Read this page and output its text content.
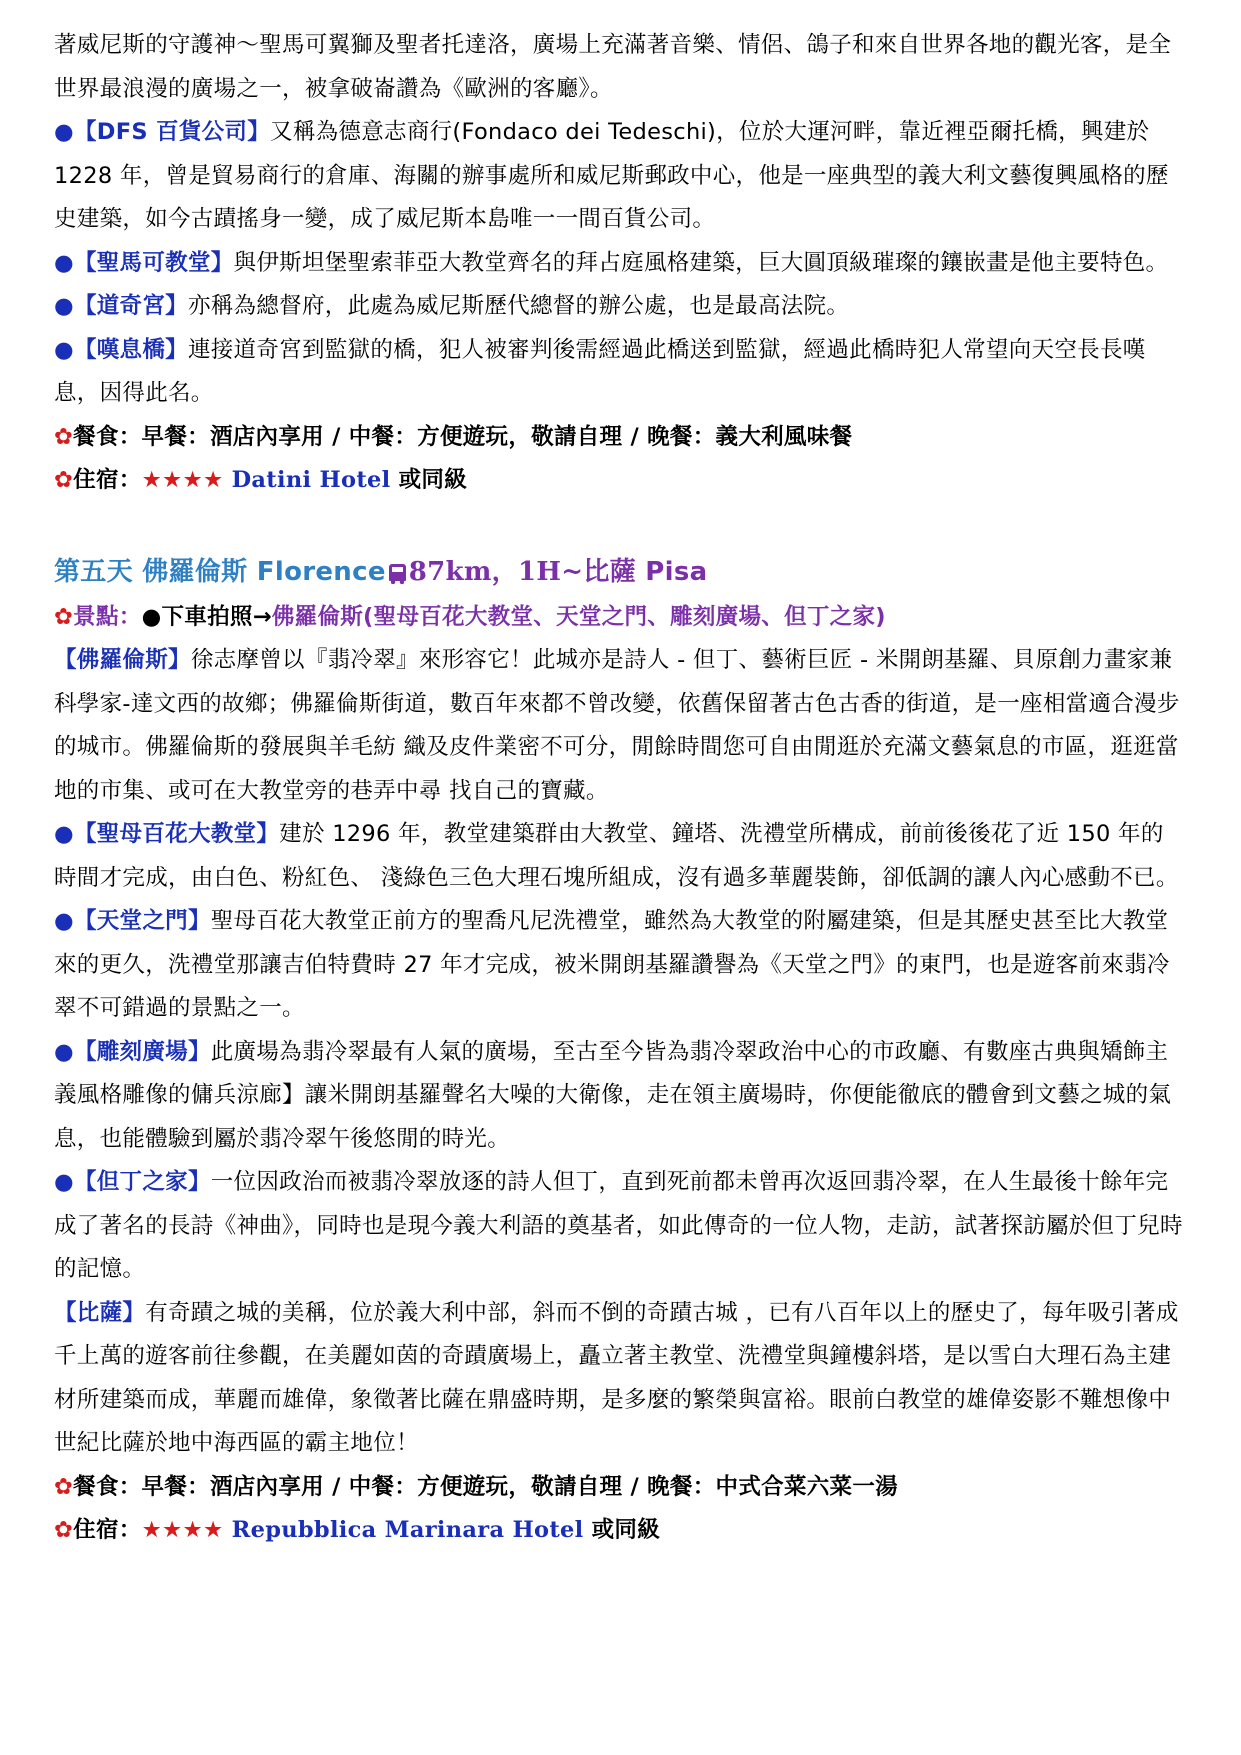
著威尼斯的守護神～聖馬可翼獅及聖者托達洛，廣場上充滿著音樂、情侶、鴿子和來自世界各地的觀光客，是全世界最浪漫的廣場之一，被拿破崙讚為《歐洲的客廳》。

●【DFS 百貨公司】又稱為德意志商行(Fondaco dei Tedeschi)，位於大運河畔，靠近裡亞爾托橋，興建於 1228 年，曾是貿易商行的倉庫、海關的辦事處所和威尼斯郵政中心，他是一座典型的義大利文藝復興風格的歷史建築，如今古蹟搖身一變，成了威尼斯本島唯一一間百貨公司。

●【聖馬可教堂】與伊斯坦堡聖索菲亞大教堂齊名的拜占庭風格建築，巨大圓頂級璀璨的鑲嵌畫是他主要特色。

●【道奇宮】亦稱為總督府，此處為威尼斯歷代總督的辦公處，也是最高法院。

●【嘆息橋】連接道奇宮到監獄的橋，犯人被審判後需經過此橋送到監獄，經過此橋時犯人常望向天空長長嘆息，因得此名。

✿餐食：早餐：酒店內享用 / 中餐：方便遊玩，敬請自理 / 晚餐：義大利風味餐

✿住宿：★★★★ Datini Hotel 或同級

第五天 佛羅倫斯 Florence 87km，1H~比薩 Pisa

✿景點：●下車拍照→佛羅倫斯(聖母百花大教堂、天堂之門、雕刻廣場、但丁之家)

【佛羅倫斯】徐志摩曾以『翡冷翠』來形容它！此城亦是詩人 - 但丁、藝術巨匠 - 米開朗基羅、貝原創力畫家兼科學家-達文西的故鄉；佛羅倫斯街道，數百年來都不曾改變，依舊保留著古色古香的街道，是一座相當適合漫步的城市。佛羅倫斯的發展與羊毛紡 織及皮件業密不可分，閒餘時間您可自由閒逛於充滿文藝氣息的市區，逛逛當地的市集、或可在大教堂旁的巷弄中尋 找自己的寶藏。

●【聖母百花大教堂】建於 1296 年，教堂建築群由大教堂、鐘塔、洗禮堂所構成，前前後後花了近 150 年的時間才完成，由白色、粉紅色、 淺綠色三色大理石塊所組成，沒有過多華麗裝飾，卻低調的讓人內心感動不已。

●【天堂之門】聖母百花大教堂正前方的聖喬凡尼洗禮堂，雖然為大教堂的附屬建築，但是其歷史甚至比大教堂來的更久，洗禮堂那讓吉伯特費時 27 年才完成，被米開朗基羅讚譽為《天堂之門》的東門，也是遊客前來翡冷翠不可錯過的景點之一。

●【雕刻廣場】此廣場為翡冷翠最有人氣的廣場，至古至今皆為翡冷翠政治中心的市政廳、有數座古典與矯飾主義風格雕像的傭兵涼廊】讓米開朗基羅聲名大噪的大衛像，走在領主廣場時，你便能徹底的體會到文藝之城的氣息，也能體驗到屬於翡冷翠午後悠閒的時光。

●【但丁之家】一位因政治而被翡冷翠放逐的詩人但丁，直到死前都未曾再次返回翡冷翠，在人生最後十餘年完成了著名的長詩《神曲》，同時也是現今義大利語的奠基者，如此傳奇的一位人物，走訪，試著探訪屬於但丁兒時的記憶。

【比薩】有奇蹟之城的美稱，位於義大利中部，斜而不倒的奇蹟古城 ，已有八百年以上的歷史了，每年吸引著成千上萬的遊客前往參觀，在美麗如茵的奇蹟廣場上，矗立著主教堂、洗禮堂與鐘樓斜塔，是以雪白大理石為主建材所建築而成，華麗而雄偉，象徵著比薩在鼎盛時期，是多麼的繁榮與富裕。眼前白教堂的雄偉姿影不難想像中世紀比薩於地中海西區的霸主地位！

✿餐食：早餐：酒店內享用 / 中餐：方便遊玩，敬請自理 / 晚餐：中式合菜六菜一湯

✿住宿：★★★★ Repubblica Marinara Hotel 或同級
